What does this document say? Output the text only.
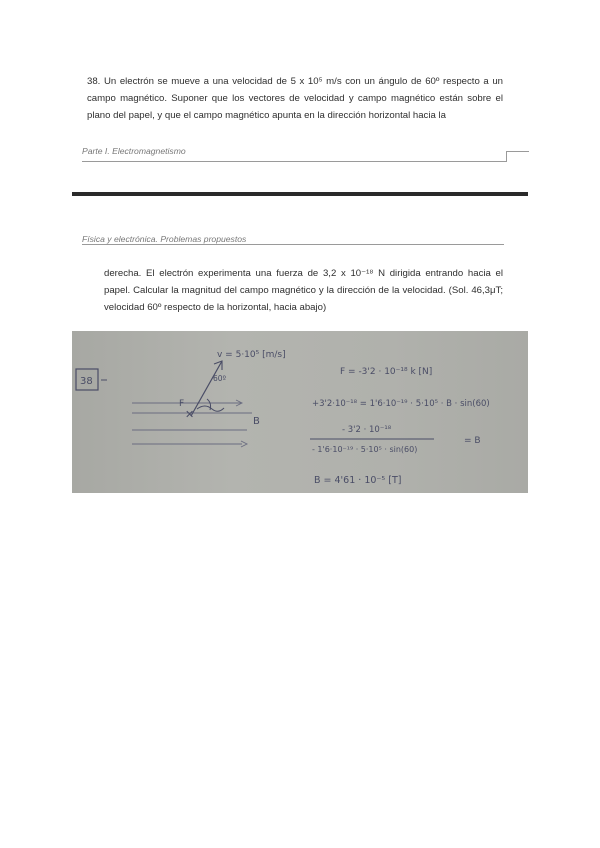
38. Un electrón se mueve a una velocidad de 5 x 10⁵ m/s con un ángulo de 60º respecto a un campo magnético. Suponer que los vectores de velocidad y campo magnético están sobre el plano del papel, y que el campo magnético apunta en la dirección horizontal hacia la
Parte I. Electromagnetismo
Física y electrónica. Problemas propuestos
derecha. El electrón experimenta una fuerza de 3,2 x 10⁻¹⁸ N dirigida entrando hacia el papel. Calcular la magnitud del campo magnético y la dirección de la velocidad. (Sol. 46,3μT; velocidad 60º respecto de la horizontal, hacia abajo)
38
v = 5·10⁵ [m/s]
60º
F
✕
B
F = -3'2 · 10⁻¹⁸ k [N]
+3'2·10⁻¹⁸ = 1'6·10⁻¹⁹ · 5·10⁵ · B · sin(60)
- 3'2 · 10⁻¹⁸
- 1'6·10⁻¹⁹ · 5·10⁵ · sin(60)
= B
B = 4'61 · 10⁻⁵ [T]
